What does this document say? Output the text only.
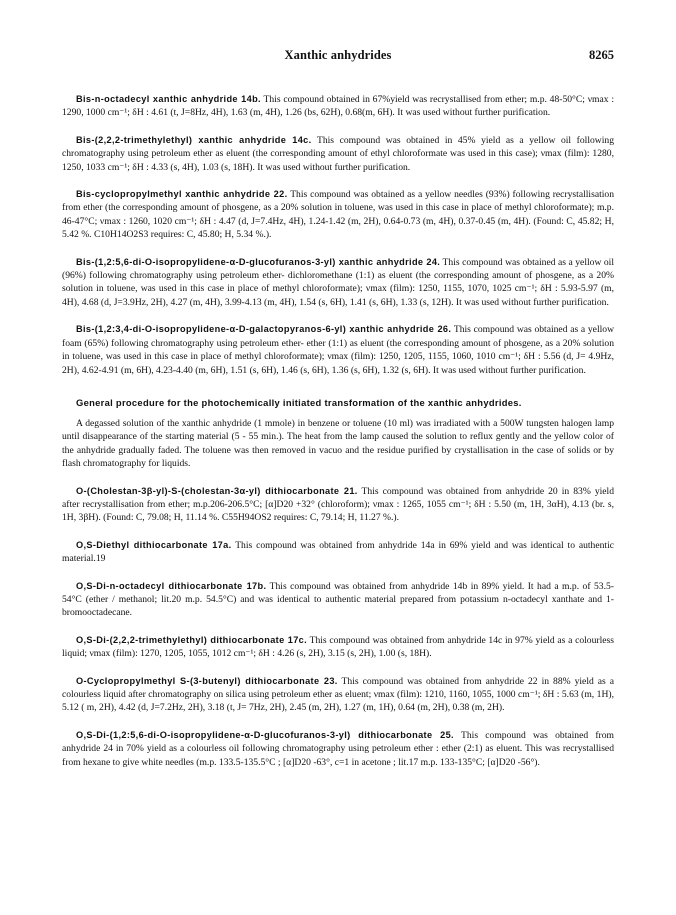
Xanthic anhydrides	8265

Bis-n-octadecyl xanthic anhydride 14b. This compound obtained in 67%yield was recrystallised from ether; m.p. 48-50°C; νmax : 1290, 1000 cm⁻¹; δH : 4.61 (t, J=8Hz, 4H), 1.63 (m, 4H), 1.26 (bs, 62H), 0.68(m, 6H). It was used without further purification.

Bis-(2,2,2-trimethylethyl) xanthic anhydride 14c. This compound was obtained in 45% yield as a yellow oil following chromatography using petroleum ether as eluent (the corresponding amount of ethyl chloroformate was used in this case); νmax (film): 1280, 1250, 1033 cm⁻¹; δH : 4.33 (s, 4H), 1.03 (s, 18H). It was used without further purification.

Bis-cyclopropylmethyl xanthic anhydride 22. This compound was obtained as a yellow needles (93%) following recrystallisation from ether (the corresponding amount of phosgene, as a 20% solution in toluene, was used in this case in place of methyl chloroformate); m.p. 46-47°C; νmax : 1260, 1020 cm⁻¹; δH : 4.47 (d, J=7.4Hz, 4H), 1.24-1.42 (m, 2H), 0.64-0.73 (m, 4H), 0.37-0.45 (m, 4H). (Found: C, 45.82; H, 5.42 %. C10H14O2S3 requires: C, 45.80; H, 5.34 %.).

Bis-(1,2:5,6-di-O-isopropylidene-α-D-glucofuranos-3-yl) xanthic anhydride 24. This compound was obtained as a yellow oil (96%) following chromatography using petroleum ether- dichloromethane (1:1) as eluent (the corresponding amount of phosgene, as a 20% solution in toluene, was used in this case in place of methyl chloroformate); νmax (film): 1250, 1155, 1070, 1025 cm⁻¹; δH : 5.93-5.97 (m, 4H), 4.68 (d, J=3.9Hz, 2H), 4.27 (m, 4H), 3.99-4.13 (m, 4H), 1.54 (s, 6H), 1.41 (s, 6H), 1.33 (s, 12H). It was used without further purification.

Bis-(1,2:3,4-di-O-isopropylidene-α-D-galactopyranos-6-yl) xanthic anhydride 26. This compound was obtained as a yellow foam (65%) following chromatography using petroleum ether- ether (1:1) as eluent (the corresponding amount of phosgene, as a 20% solution in toluene, was used in this case in place of methyl chloroformate); νmax (film): 1250, 1205, 1155, 1060, 1010 cm⁻¹; δH : 5.56 (d, J= 4.9Hz, 2H), 4.62-4.91 (m, 6H), 4.23-4.40 (m, 6H), 1.51 (s, 6H), 1.46 (s, 6H), 1.36 (s, 6H), 1.32 (s, 6H). It was used without further purification.

General procedure for the photochemically initiated transformation of the xanthic anhydrides.

A degassed solution of the xanthic anhydride (1 mmole) in benzene or toluene (10 ml) was irradiated with a 500W tungsten halogen lamp until disappearance of the starting material (5 - 55 min.). The heat from the lamp caused the solution to reflux gently and the yellow color of the anhydride gradually faded. The toluene was then removed in vacuo and the residue purified by crystallisation in the case of solids or by flash chromatography for liquids.

O-(Cholestan-3β-yl)-S-(cholestan-3α-yl) dithiocarbonate 21. This compound was obtained from anhydride 20 in 83% yield after recrystallisation from ether; m.p.206-206.5°C; [α]D20 +32° (chloroform); νmax : 1265, 1055 cm⁻¹; δH : 5.50 (m, 1H, 3αH), 4.13 (br. s, 1H, 3βH). (Found: C, 79.08; H, 11.14 %. C55H94OS2 requires: C, 79.14; H, 11.27 %.).

O,S-Diethyl dithiocarbonate 17a. This compound was obtained from anhydride 14a in 69% yield and was identical to authentic material.19

O,S-Di-n-octadecyl dithiocarbonate 17b. This compound was obtained from anhydride 14b in 89% yield. It had a m.p. of 53.5-54°C (ether / methanol; lit.20 m.p. 54.5°C) and was identical to authentic material prepared from potassium n-octadecyl xanthate and 1-bromooctadecane.

O,S-Di-(2,2,2-trimethylethyl) dithiocarbonate 17c. This compound was obtained from anhydride 14c in 97% yield as a colourless liquid; νmax (film): 1270, 1205, 1055, 1012 cm⁻¹; δH : 4.26 (s, 2H), 3.15 (s, 2H), 1.00 (s, 18H).

O-Cyclopropylmethyl S-(3-butenyl) dithiocarbonate 23. This compound was obtained from anhydride 22 in 88% yield as a colourless liquid after chromatography on silica using petroleum ether as eluent; νmax (film): 1210, 1160, 1055, 1000 cm⁻¹; δH : 5.63 (m, 1H), 5.12 ( m, 2H), 4.42 (d, J=7.2Hz, 2H), 3.18 (t, J= 7Hz, 2H), 2.45 (m, 2H), 1.27 (m, 1H), 0.64 (m, 2H), 0.38 (m, 2H).

O,S-Di-(1,2:5,6-di-O-isopropylidene-α-D-glucofuranos-3-yl) dithiocarbonate 25. This compound was obtained from anhydride 24 in 70% yield as a colourless oil following chromatography using petroleum ether : ether (2:1) as eluent. This was recrystallised from hexane to give white needles (m.p. 133.5-135.5°C ; [α]D20 -63°, c=1 in acetone ; lit.17 m.p. 133-135°C; [α]D20 -56°).
